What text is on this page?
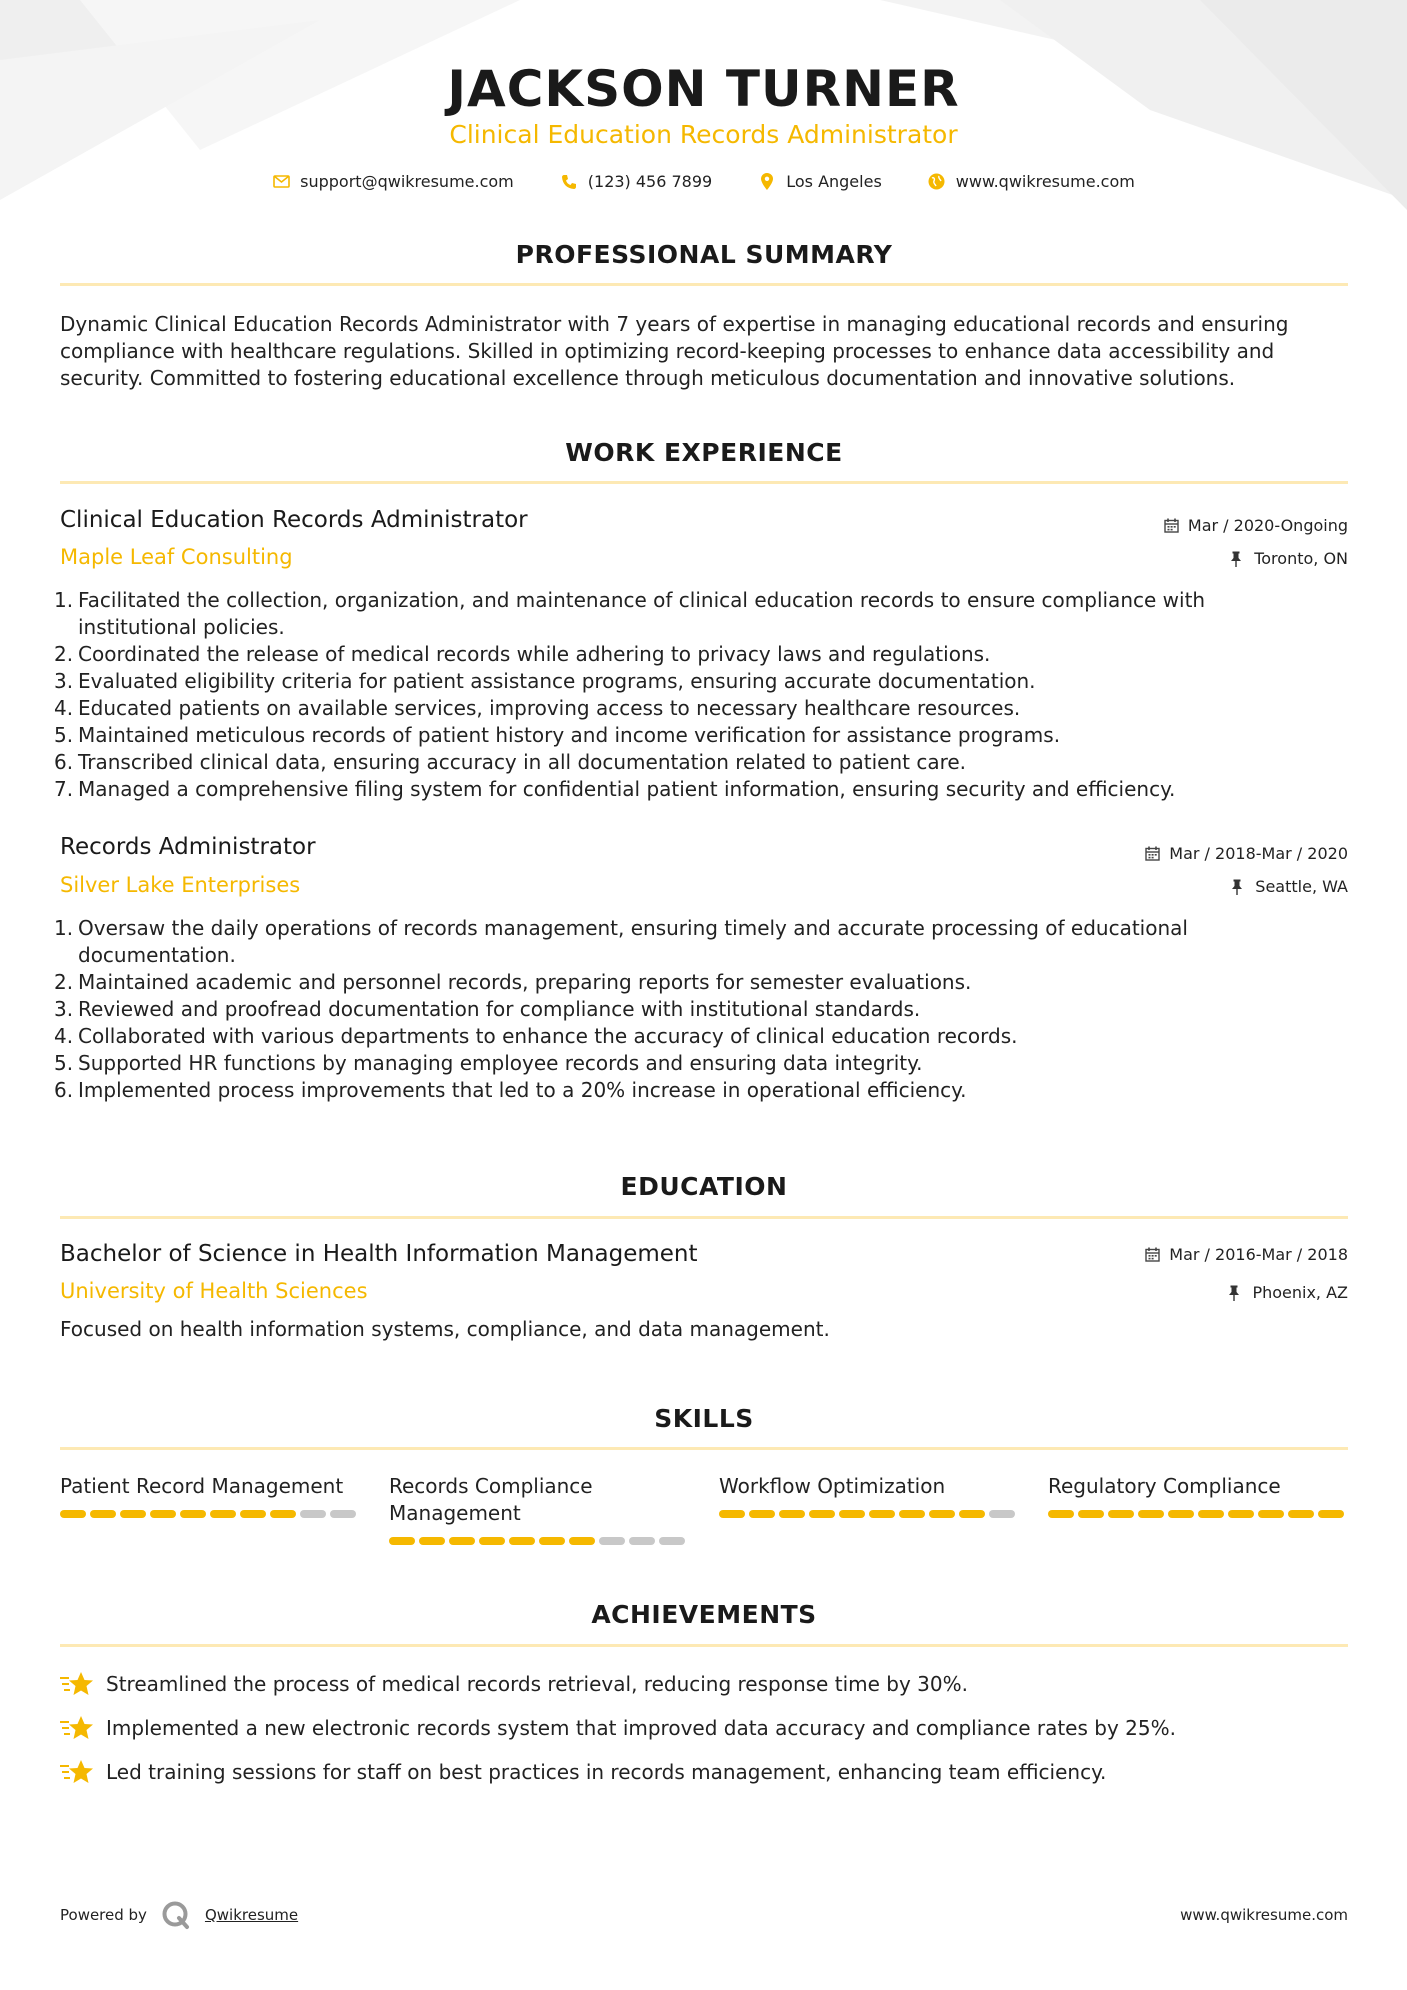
JACKSON TURNER
Clinical Education Records Administrator
support@qwikresume.com	(123) 456 7899	Los Angeles	www.qwikresume.com
PROFESSIONAL SUMMARY
Dynamic Clinical Education Records Administrator with 7 years of expertise in managing educational records and ensuring compliance with healthcare regulations. Skilled in optimizing record-keeping processes to enhance data accessibility and security. Committed to fostering educational excellence through meticulous documentation and innovative solutions.
WORK EXPERIENCE
Clinical Education Records Administrator	Mar / 2020-Ongoing
Maple Leaf Consulting	Toronto, ON
Facilitated the collection, organization, and maintenance of clinical education records to ensure compliance with institutional policies.
Coordinated the release of medical records while adhering to privacy laws and regulations.
Evaluated eligibility criteria for patient assistance programs, ensuring accurate documentation.
Educated patients on available services, improving access to necessary healthcare resources.
Maintained meticulous records of patient history and income verification for assistance programs.
Transcribed clinical data, ensuring accuracy in all documentation related to patient care.
Managed a comprehensive filing system for confidential patient information, ensuring security and efficiency.
Records Administrator	Mar / 2018-Mar / 2020
Silver Lake Enterprises	Seattle, WA
Oversaw the daily operations of records management, ensuring timely and accurate processing of educational documentation.
Maintained academic and personnel records, preparing reports for semester evaluations.
Reviewed and proofread documentation for compliance with institutional standards.
Collaborated with various departments to enhance the accuracy of clinical education records.
Supported HR functions by managing employee records and ensuring data integrity.
Implemented process improvements that led to a 20% increase in operational efficiency.
EDUCATION
Bachelor of Science in Health Information Management	Mar / 2016-Mar / 2018
University of Health Sciences	Phoenix, AZ
Focused on health information systems, compliance, and data management.
SKILLS
Patient Record Management	Records Compliance Management
Workflow Optimization	Regulatory Compliance
ACHIEVEMENTS
Streamlined the process of medical records retrieval, reducing response time by 30%.
Implemented a new electronic records system that improved data accuracy and compliance rates by 25%.
Led training sessions for staff on best practices in records management, enhancing team efficiency.
Powered by	Qwikresume	www.qwikresume.com
